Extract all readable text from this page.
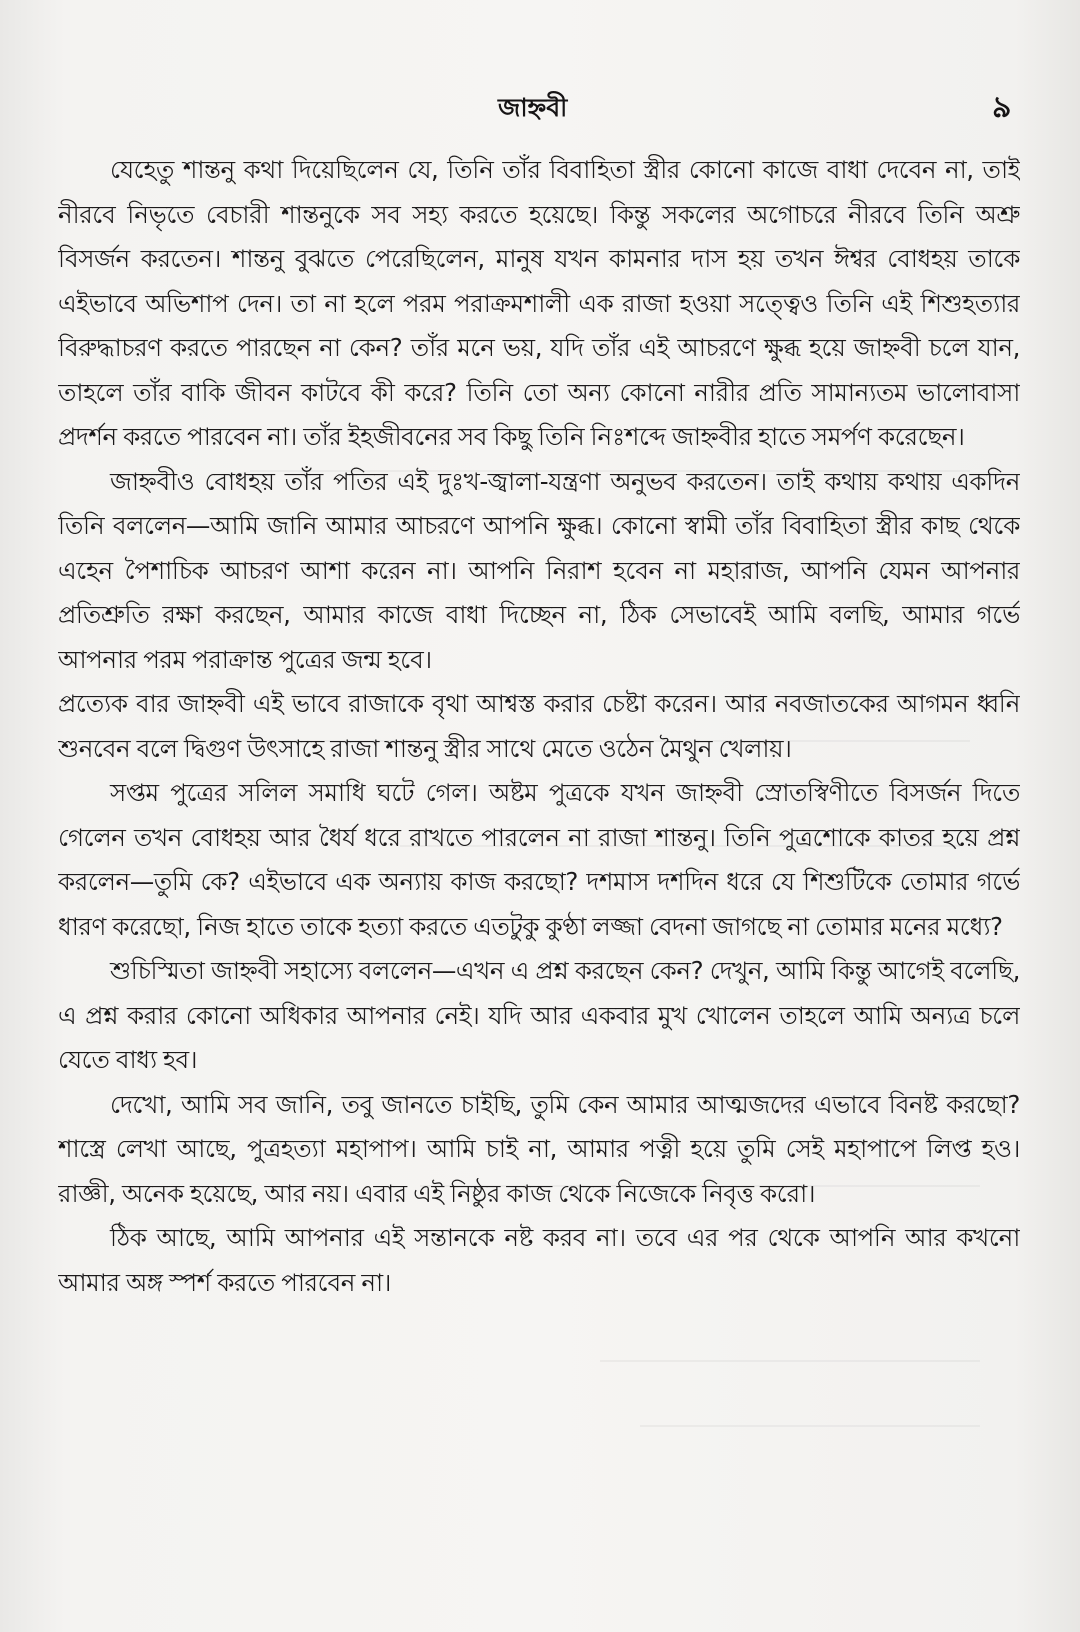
জাহ্নবী	৯

যেহেতু শান্তনু কথা দিয়েছিলেন যে, তিনি তাঁর বিবাহিতা স্ত্রীর কোনো কাজে বাধা দেবেন না, তাই নীরবে নিভৃতে বেচারী শান্তনুকে সব সহ্য করতে হয়েছে। কিন্তু সকলের অগোচরে নীরবে তিনি অশ্রু বিসর্জন করতেন। শান্তনু বুঝতে পেরেছিলেন, মানুষ যখন কামনার দাস হয় তখন ঈশ্বর বোধহয় তাকে এইভাবে অভিশাপ দেন। তা না হলে পরম পরাক্রমশালী এক রাজা হওয়া সত্ত্বেও তিনি এই শিশুহত্যার বিরুদ্ধাচরণ করতে পারছেন না কেন? তাঁর মনে ভয়, যদি তাঁর এই আচরণে ক্ষুব্ধ হয়ে জাহ্নবী চলে যান, তাহলে তাঁর বাকি জীবন কাটবে কী করে? তিনি তো অন্য কোনো নারীর প্রতি সামান্যতম ভালোবাসা প্রদর্শন করতে পারবেন না। তাঁর ইহজীবনের সব কিছু তিনি নিঃশব্দে জাহ্নবীর হাতে সমর্পণ করেছেন।

জাহ্নবীও বোধহয় তাঁর পতির এই দুঃখ-জ্বালা-যন্ত্রণা অনুভব করতেন। তাই কথায় কথায় একদিন তিনি বললেন—আমি জানি আমার আচরণে আপনি ক্ষুব্ধ। কোনো স্বামী তাঁর বিবাহিতা স্ত্রীর কাছ থেকে এহেন পৈশাচিক আচরণ আশা করেন না। আপনি নিরাশ হবেন না মহারাজ, আপনি যেমন আপনার প্রতিশ্রুতি রক্ষা করছেন, আমার কাজে বাধা দিচ্ছেন না, ঠিক সেভাবেই আমি বলছি, আমার গর্ভে আপনার পরম পরাক্রান্ত পুত্রের জন্ম হবে।

প্রত্যেক বার জাহ্নবী এই ভাবে রাজাকে বৃথা আশ্বস্ত করার চেষ্টা করেন। আর নবজাতকের আগমন ধ্বনি শুনবেন বলে দ্বিগুণ উৎসাহে রাজা শান্তনু স্ত্রীর সাথে মেতে ওঠেন মৈথুন খেলায়।

সপ্তম পুত্রের সলিল সমাধি ঘটে গেল। অষ্টম পুত্রকে যখন জাহ্নবী স্রোতস্বিণীতে বিসর্জন দিতে গেলেন তখন বোধহয় আর ধৈর্য ধরে রাখতে পারলেন না রাজা শান্তনু। তিনি পুত্রশোকে কাতর হয়ে প্রশ্ন করলেন—তুমি কে? এইভাবে এক অন্যায় কাজ করছো? দশমাস দশদিন ধরে যে শিশুটিকে তোমার গর্ভে ধারণ করেছো, নিজ হাতে তাকে হত্যা করতে এতটুকু কুণ্ঠা লজ্জা বেদনা জাগছে না তোমার মনের মধ্যে?

শুচিস্মিতা জাহ্নবী সহাস্যে বললেন—এখন এ প্রশ্ন করছেন কেন? দেখুন, আমি কিন্তু আগেই বলেছি, এ প্রশ্ন করার কোনো অধিকার আপনার নেই। যদি আর একবার মুখ খোলেন তাহলে আমি অন্যত্র চলে যেতে বাধ্য হব।

দেখো, আমি সব জানি, তবু জানতে চাইছি, তুমি কেন আমার আত্মজদের এভাবে বিনষ্ট করছো? শাস্ত্রে লেখা আছে, পুত্রহত্যা মহাপাপ। আমি চাই না, আমার পত্নী হয়ে তুমি সেই মহাপাপে লিপ্ত হও। রাজ্ঞী, অনেক হয়েছে, আর নয়। এবার এই নিষ্ঠুর কাজ থেকে নিজেকে নিবৃত্ত করো।

ঠিক আছে, আমি আপনার এই সন্তানকে নষ্ট করব না। তবে এর পর থেকে আপনি আর কখনো আমার অঙ্গ স্পর্শ করতে পারবেন না।
